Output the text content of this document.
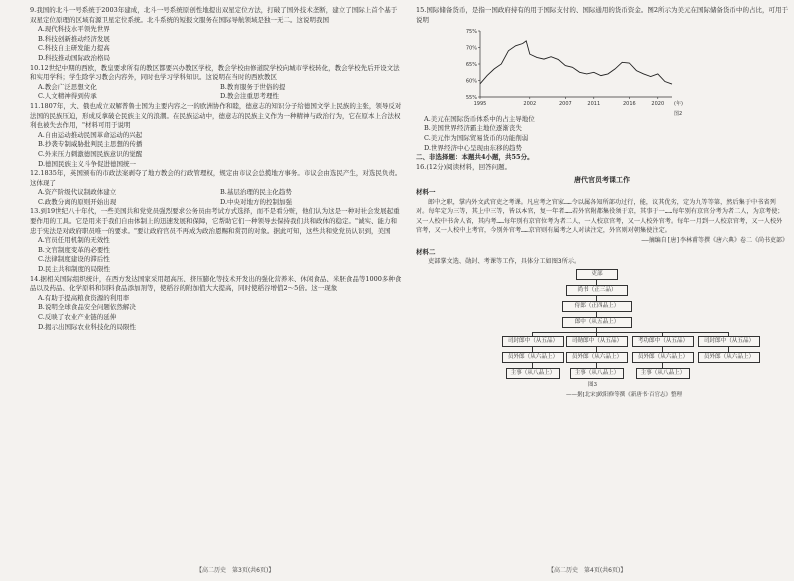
9.我国的北斗一号系统于2003年建成，北斗一号系统原创性地提出双星定位方法，打破了国外技术垄断，建立了国际上首个基于双星定位原理的区域有源卫星定位系统。北斗系统的短报文服务在国际导航领域是独一无二。这说明我国

A.现代科技水平领先世界

B.科技创新推动经济发展

C.科技自主研发能力提高

D.科技推动国际政治格局

10.12世纪中期的西欧，教皇要求所有的教区都要兴办教区学校，教会学校由修道院学校向城市学校转化，教会学校先后开设文法和实用学科；学生除学习教会内容外，同时也学习学科知识。这说明在当时的西欧教区

A.教会广泛思想文化	B.教育服务于世俗的提
C.人文精神得到传承	D.教会注重思考理性

11.1807年，大、俄也成立双解普鲁士国为主要内容之一的欧洲协作和睦，德意志的知识分子给德国文学上民族的主张，领导反对法国的民族压迫，形成反拿破仑民族主义的浪潮。在民族运动中，德意志的民族主义作为一种精神与政治行为，它在原本上合法权利也被失去作用，"材料可用于说明

A.自由运动推动民国革命运动的兴起

B.抄袭专制威胁批判民主思想的传播

C.外来压力刺激德国民族意识的觉醒

D.德国民族主义斗争促进德国统一

12.1835年，英国颁布的市政法案剥夺了地方教会的行政管理权，规定由市议会总揽地方事务。市议会由选民产生，对选民负责。这体现了

A.资产阶级代议制政体建立	B.基层治理的民主化趋势
C.政教分离的原则开始出现	D.中央对地方的控制加强

13.到19世纪八十年代，一些美国共和党党员强烈要求公务员由考试方式选择，而不是看分赃，他们认为这是一种对社会发展起重要作用的工具。它是用来于我们自由体制上的迅速发展和保障，它帮助它们一种领导去保持我们共和政体的稳定。"诚实、能力和忠于宪法是对政府职员唯一的要求。"要让政府官员不再成为政治恩赐和赏罚的对象。据此可知，这些共和党党员认识到，美国

A.官员任用机制的无效性

B.文官制度变革的必要性

C.法律制度建设的滞后性

D.民主共和制度的局限性

14.据相关国际组织统计，在西方发达国家采用超高压、挤压膨化等技术开发出的强化营养米、休闲食品、米胚食品等1000多种食品以及药品、化学原料和饲料食品添加剂等，使稻谷的附加值大大提高，同时使稻谷增值2～5倍。这一现象

A.有助于提高粮食资源的利用率

B.说明全球食品安全问题依然解决

C.反映了农业产业链的延伸

D.揭示出国际农业科技化的局限性

【高二历史　第3页(共6页)】

15.国际储备货币，是指一国政府持有的用于国际支付的、国际通用的货币资金。图2所示为美元在国际储备货币中的占比，可用于说明

55%
60%
65%
70%
75%
1995	2002	2007	2011	2016	2020 (年)
图2

A.美元在国际货币体系中的占主导地位

B.美国世界经济霸主地位逐渐丧失

C.美元作为国际贸易货币的功能削弱

D.世界经济中心呈现由东移的趋势

二、非选择题：本题共4小题，共55分。

16.(12分)阅读材料，回答问题。

唐代官员考课工作
材料一
郎中之职，掌内外文武官吏之考课。凡应考之官家……令以属各知所部功过行，能，议其优劣，定为九等等第，然后集于中书省列对。每年定为三等，其上中三等，皆以本官，复一年者……若外官附都集役须于京，其事于一……每年别有京官分考为者二人，为京考使；又一人校中书舍人省，其内考……每年别有京官位考为者二人，一人校京官考，又一人校外官考。每年一月到一人校京官考，又一人校外官考，又一人校中上考官，今别外官考……京官则有属考之人对读注定，外官则对朝集使注定。
——摘编自[唐]李林甫等撰《唐六典》卷二《尚书吏部》
材料二
吏部掌文选、勋封、考课等工作，具体分工如图3所示。
吏部
尚书（正三品）
侍郎（正四品上）
郎中（从五品上）
司封郎中（从五品）	司勋郎中（从五品）	考功郎中（从五品）	司封郎中（从五品）
员外郎（从六品上）	员外郎（从六品上）	员外郎（从六品上）	员外郎（从六品上）
主事（从八品上）	主事（从八品上）	主事（从八品上）
图3
——据[北宋]欧阳修等撰《新唐书·百官志》整理
【高二历史　第4页(共6页)】
